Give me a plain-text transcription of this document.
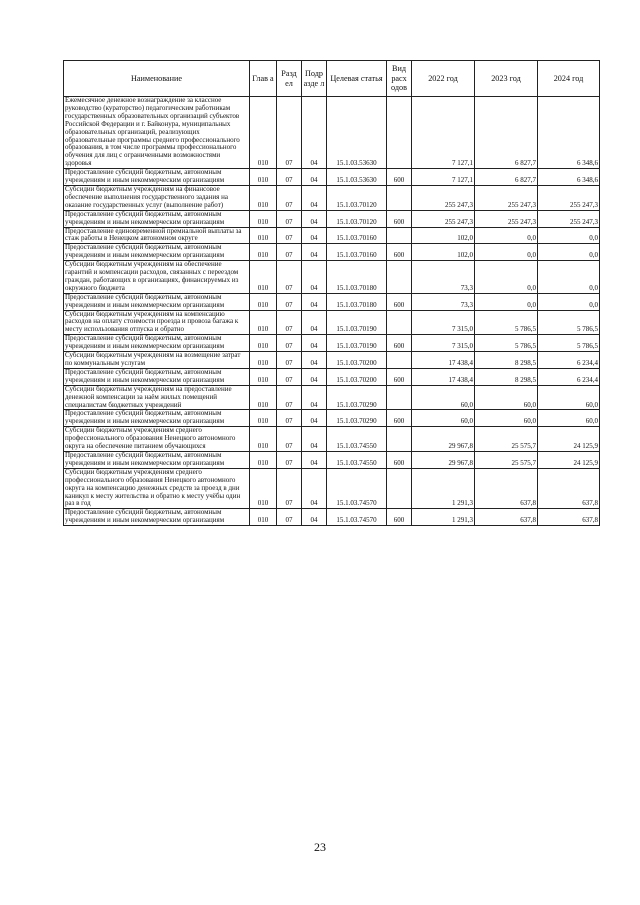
Наименование	Глав а	Разд ел	Подр азде л	Целевая статья	Вид расх одов	2022 год	2023 год	2024 год
Ежемесячное денежное вознаграждение за классное руководство (кураторство) педагогическим работникам государственных образовательных организаций субъектов Российской Федерации и г. Байконура, муниципальных образовательных организаций, реализующих образовательные программы среднего профессионального образования, в том числе программы профессионального обучения для лиц с ограниченными возможностями здоровья	010	07	04	15.1.03.53630		7 127,1	6 827,7	6 348,6
Предоставление субсидий бюджетным, автономным учреждениям и иным некоммерческим организациям	010	07	04	15.1.03.53630	600	7 127,1	6 827,7	6 348,6
Субсидии бюджетным учреждениям на финансовое обеспечение выполнения государственного задания на оказание государственных услуг (выполнение работ)	010	07	04	15.1.03.70120		255 247,3	255 247,3	255 247,3
Предоставление субсидий бюджетным, автономным учреждениям и иным некоммерческим организациям	010	07	04	15.1.03.70120	600	255 247,3	255 247,3	255 247,3
Предоставление единовременной премиальной выплаты за стаж работы в Ненецком автономном округе	010	07	04	15.1.03.70160		102,0	0,0	0,0
Предоставление субсидий бюджетным, автономным учреждениям и иным некоммерческим организациям	010	07	04	15.1.03.70160	600	102,0	0,0	0,0
Субсидии бюджетным учреждениям на обеспечение гарантий и компенсации расходов, связанных с переездом граждан, работающих в организациях, финансируемых из окружного бюджета	010	07	04	15.1.03.70180		73,3	0,0	0,0
Предоставление субсидий бюджетным, автономным учреждениям и иным некоммерческим организациям	010	07	04	15.1.03.70180	600	73,3	0,0	0,0
Субсидии бюджетным учреждениям на компенсацию расходов на оплату стоимости проезда и провоза багажа к месту использования отпуска и обратно	010	07	04	15.1.03.70190		7 315,0	5 786,5	5 786,5
Предоставление субсидий бюджетным, автономным учреждениям и иным некоммерческим организациям	010	07	04	15.1.03.70190	600	7 315,0	5 786,5	5 786,5
Субсидии бюджетным учреждениям на возмещение затрат по коммунальным услугам	010	07	04	15.1.03.70200		17 438,4	8 298,5	6 234,4
Предоставление субсидий бюджетным, автономным учреждениям и иным некоммерческим организациям	010	07	04	15.1.03.70200	600	17 438,4	8 298,5	6 234,4
Субсидии бюджетным учреждениям на предоставление денежной компенсации за наём жилых помещений специалистам бюджетных учреждений	010	07	04	15.1.03.70290		60,0	60,0	60,0
Предоставление субсидий бюджетным, автономным учреждениям и иным некоммерческим организациям	010	07	04	15.1.03.70290	600	60,0	60,0	60,0
Субсидии бюджетным учреждениям среднего профессионального образования Ненецкого автономного округа на обеспечение питанием обучающихся	010	07	04	15.1.03.74550		29 967,8	25 575,7	24 125,9
Предоставление субсидий бюджетным, автономным учреждениям и иным некоммерческим организациям	010	07	04	15.1.03.74550	600	29 967,8	25 575,7	24 125,9
Субсидии бюджетным учреждениям среднего профессионального образования Ненецкого автономного округа на компенсацию денежных средств за проезд в дни каникул к месту жительства и обратно к месту учёбы один раз в год	010	07	04	15.1.03.74570		1 291,3	637,8	637,8
Предоставление субсидий бюджетным, автономным учреждениям и иным некоммерческим организациям	010	07	04	15.1.03.74570	600	1 291,3	637,8	637,8
23
